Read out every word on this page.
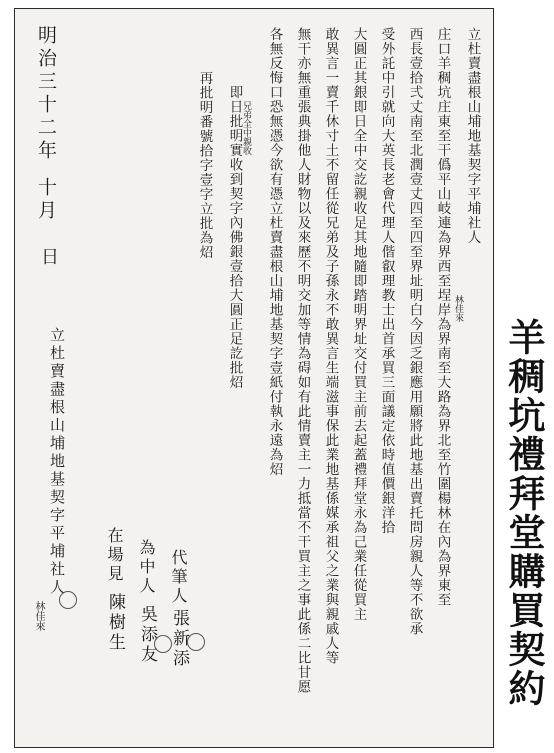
立杜賣盡根山埔地基契字平埔社人
林佳來
庄口羊稠坑庄東至干僞平山岐連為界西至埕岸為界南至大路為界北至竹圍楊林在內為界東至
西長壹拾弍丈南至北潤壹丈四至四至界址明白今因乏銀應用願將此地基出賣托問房親人等不欲承
受外託中引就向大英長老會代理人偕叡理教士出首承買三面議定依時值價銀洋拾
大圓正其銀即日全中交訖親收足其地隨即踏明界址交付買主前去起蓋禮拜堂永為己業任從買主
敢異言一賣千休寸土不留任從兄弟及子孫永不敢異言生端滋事保此業地基係媒承祖父之業與親戚人等
無干亦無重張典掛他人財物以及來歷不明交加等情為碍如有此情賣主一力抵當不干買主之事此係二比甘愿
各無反悔口恐無憑今欲有憑立杜賣盡根山埔地基契字壹紙付執永遠為炤
兄弟全中親收
即日批明實收到契字內佛銀壹拾大圓正足訖批炤
再批明番號拾字壹字立批為炤
代筆人
張新添
為中人
吳添友
在場見
陳樹生
立杜賣盡根山埔地基契字平埔社人
林佳來
明治三十二年
十月
日
羊稠坑禮拜堂購買契約
